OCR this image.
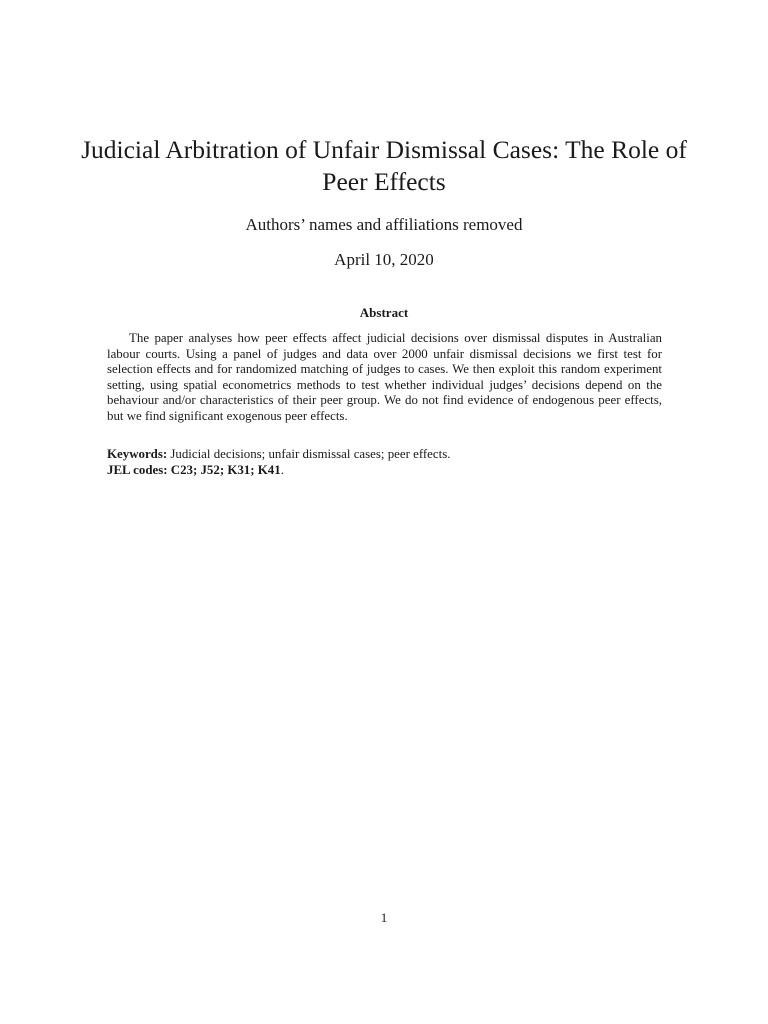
Judicial Arbitration of Unfair Dismissal Cases: The Role of Peer Effects
Authors’ names and affiliations removed
April 10, 2020
Abstract

The paper analyses how peer effects affect judicial decisions over dismissal disputes in Australian labour courts. Using a panel of judges and data over 2000 unfair dismissal decisions we first test for selection effects and for randomized matching of judges to cases. We then exploit this random experiment setting, using spatial econometrics methods to test whether individual judges’ decisions depend on the behaviour and/or characteristics of their peer group. We do not find evidence of endogenous peer effects, but we find significant exogenous peer effects.

Keywords: Judicial decisions; unfair dismissal cases; peer effects.

JEL codes: C23; J52; K31; K41.

1
